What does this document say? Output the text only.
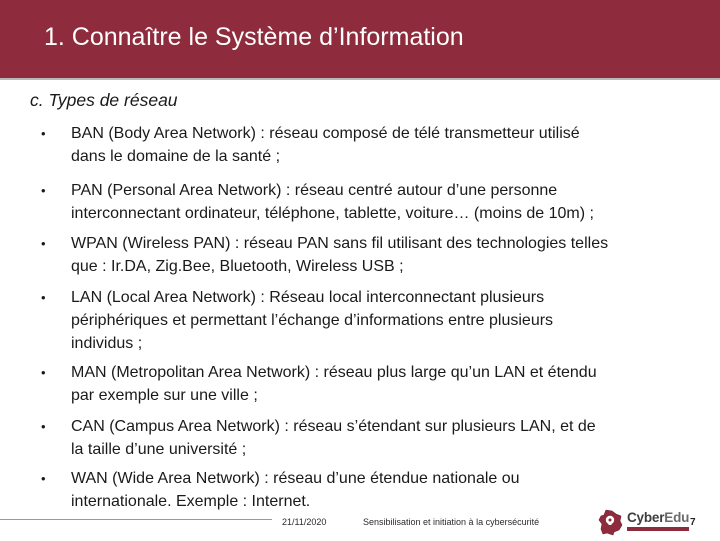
1. Connaître le Système d’Information
c. Types de réseau
• BAN (Body Area Network) : réseau composé de télé transmetteur utilisé
dans le domaine de la santé ;
• PAN (Personal Area Network) : réseau centré autour d’une personne
interconnectant ordinateur, téléphone, tablette, voiture… (moins de 10m) ;
• WPAN (Wireless PAN) : réseau PAN sans fil utilisant des technologies telles
que : Ir.DA, Zig.Bee, Bluetooth, Wireless USB ;
• LAN (Local Area Network) : Réseau local interconnectant plusieurs
périphériques et permettant l’échange d’informations entre plusieurs
individus ;
• MAN (Metropolitan Area Network) : réseau plus large qu’un LAN et étendu
par exemple sur une ville ;
• CAN (Campus Area Network) : réseau s’étendant sur plusieurs LAN, et de
la taille d’une université ;
• WAN (Wide Area Network) : réseau d’une étendue nationale ou
internationale. Exemple : Internet.
21/11/2020	Sensibilisation et initiation à la cybersécurité	CyberEdu 7
